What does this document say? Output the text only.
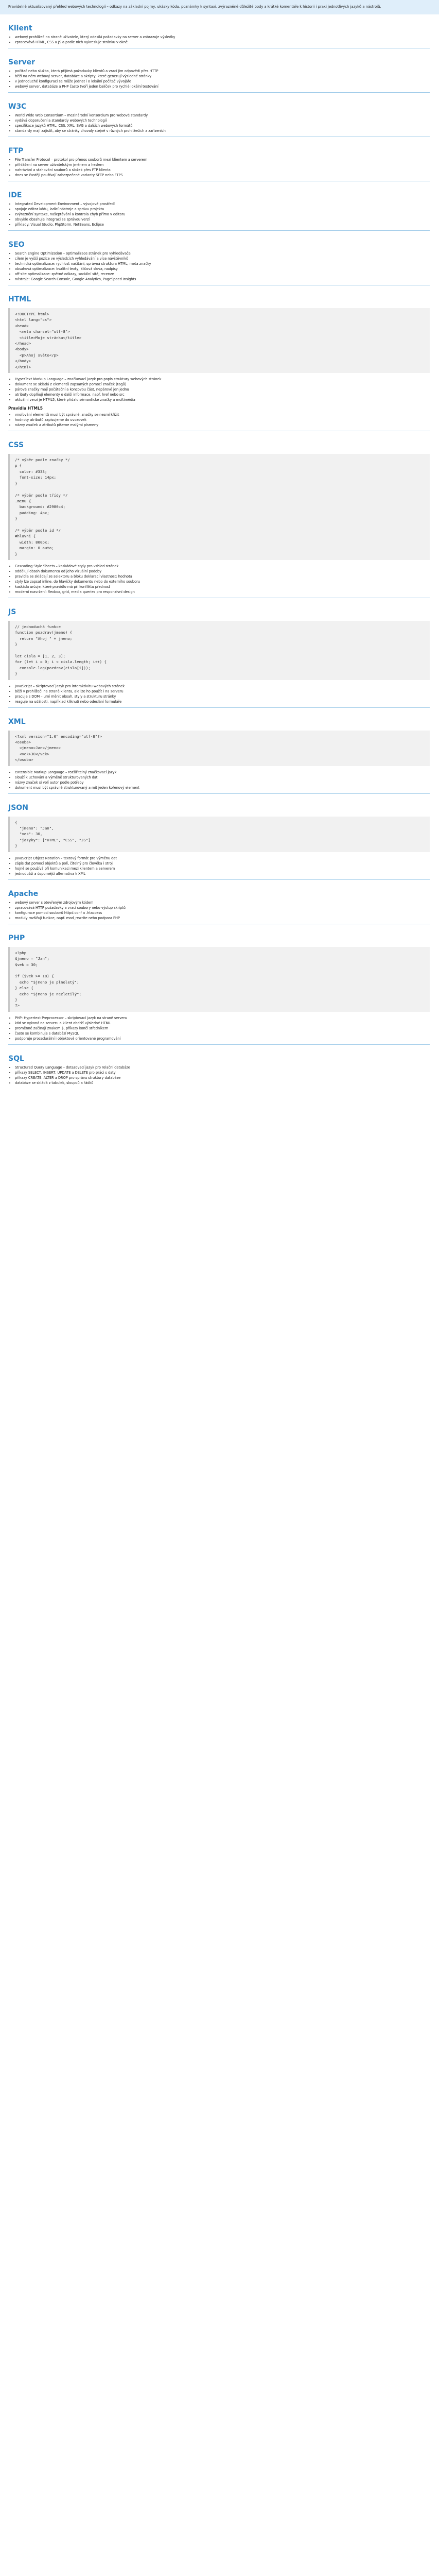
Pravidelně aktualizovaný přehled webových technologií – odkazy na základní pojmy, ukázky kódu, poznámky k syntaxi, zvýrazněné důležité body a krátké komentáře k historii i praxi jednotlivých jazyků a nástrojů.

Klient
• webový prohlížeč na straně uživatele, který odesílá požadavky na server a zobrazuje výsledky
• zpracovává HTML, CSS a JS a podle nich vykresluje stránku v okně
Server
• počítač nebo služba, která přijímá požadavky klientů a vrací jim odpovědi přes HTTP
• běží na něm webový server, databáze a skripty, které generují výsledné stránky
• v jednoduché konfiguraci se může jednat i o lokální počítač vývojáře
• webový server, databáze a PHP často tvoří jeden balíček pro rychlé lokální testování
W3C
• World Wide Web Consortium – mezinárodní konsorcium pro webové standardy
• vydává doporučení a standardy webových technologií
• specifikace jazyků HTML, CSS, XML, SVG a dalších webových formátů
• standardy mají zajistit, aby se stránky chovaly stejně v různých prohlížečích a zařízeních
FTP
• File Transfer Protocol – protokol pro přenos souborů mezi klientem a serverem
• přihlášení na server uživatelským jménem a heslem
• nahrávání a stahování souborů a složek přes FTP klienta
• dnes se častěji používají zabezpečené varianty SFTP nebo FTPS
IDE
• Integrated Development Environment – vývojové prostředí
• spojuje editor kódu, ladicí nástroje a správu projektu
• zvýraznění syntaxe, našeptávání a kontrola chyb přímo v editoru
• obvykle obsahuje integraci se správou verzí
• příklady: Visual Studio, PhpStorm, NetBeans, Eclipse
SEO
• Search Engine Optimization – optimalizace stránek pro vyhledávače
• cílem je vyšší pozice ve výsledcích vyhledávání a více návštěvníků
• technická optimalizace: rychlost načítání, správná struktura HTML, meta značky
• obsahová optimalizace: kvalitní texty, klíčová slova, nadpisy
• off-site optimalizace: zpětné odkazy, sociální sítě, recenze
• nástroje: Google Search Console, Google Analytics, PageSpeed Insights
HTML
<!DOCTYPE html>
<html lang="cs">
<head>
<meta charset="utf-8">
<title>Moje stránka</title>
</head>
<body>
<p>Ahoj světe</p>
</body>
</html>
• HyperText Markup Language – značkovací jazyk pro popis struktury webových stránek
• dokument se skládá z elementů zapsaných pomocí značek (tagů)
• párové značky mají počáteční a koncovou část, nepárové jen jednu
• atributy doplňují elementy o další informace, např. href nebo src
• aktuální verzí je HTML5, které přidalo sémantické značky a multimédia
Pravidla HTML5
• vnořování elementů musí být správné, značky se nesmí křížit
• hodnoty atributů zapisujeme do uvozovek
• názvy značek a atributů píšeme malými písmeny
CSS
/* výběr podle značky */
p {
color: #333;
font-size: 14px;
}

/* výběr podle třídy */
.menu {
background: #2980c4;
padding: 4px;
}

/* výběr podle id */
#hlavni {
width: 800px;
margin: 0 auto;
}
• Cascading Style Sheets – kaskádové styly pro vzhled stránek
• oddělují obsah dokumentu od jeho vizuální podoby
• pravidla se skládají ze selektoru a bloku deklarací vlastnost: hodnota
• styly lze zapsat inline, do hlavičky dokumentu nebo do externího souboru
• kaskáda určuje, které pravidlo má při konfliktu přednost
• moderní rozvržení: flexbox, grid, media queries pro responzivní design
JS
// jednoduchá funkce
function pozdrav(jmeno) {
return "Ahoj " + jmeno;
}

let cisla = [1, 2, 3];
for (let i = 0; i < cisla.length; i++) {
console.log(pozdrav(cisla[i]));
}
• JavaScript – skriptovací jazyk pro interaktivitu webových stránek
• běží v prohlížeči na straně klienta, ale lze ho použít i na serveru
• pracuje s DOM – umí měnit obsah, styly a strukturu stránky
• reaguje na události, například kliknutí nebo odeslání formuláře
XML
<?xml version="1.0" encoding="utf-8"?>
<osoba>
<jmeno>Jan</jmeno>
<vek>30</vek>
</osoba>
• eXtensible Markup Language – rozšiřitelný značkovací jazyk
• slouží k uchování a výměně strukturovaných dat
• názvy značek si volí autor podle potřeby
• dokument musí být správně strukturovaný a mít jeden kořenový element
JSON
{
"jmeno": "Jan",
"vek": 30,
"jazyky": ["HTML", "CSS", "JS"]
}
• JavaScript Object Notation – textový formát pro výměnu dat
• zápis dat pomocí objektů a polí, čitelný pro člověka i stroj
• hojně se používá při komunikaci mezi klientem a serverem
• jednodušší a úspornější alternativa k XML
Apache
• webový server s otevřeným zdrojovým kódem
• zpracovává HTTP požadavky a vrací soubory nebo výstup skriptů
• konfigurace pomocí souborů httpd.conf a .htaccess
• moduly rozšiřují funkce, např. mod_rewrite nebo podpora PHP
PHP
<?php
$jmeno = "Jan";
$vek = 30;

if ($vek >= 18) {
echo "$jmeno je plnoletý";
} else {
echo "$jmeno je nezletilý";
}
?>
• PHP: Hypertext Preprocessor – skriptovací jazyk na straně serveru
• kód se vykoná na serveru a klient obdrží výsledné HTML
• proměnné začínají znakem $, příkazy končí středníkem
• často se kombinuje s databází MySQL
• podporuje procedurální i objektově orientované programování
SQL
• Structured Query Language – dotazovací jazyk pro relační databáze
• příkazy SELECT, INSERT, UPDATE a DELETE pro práci s daty
• příkazy CREATE, ALTER a DROP pro správu struktury databáze
• databáze se skládá z tabulek, sloupců a řádků
